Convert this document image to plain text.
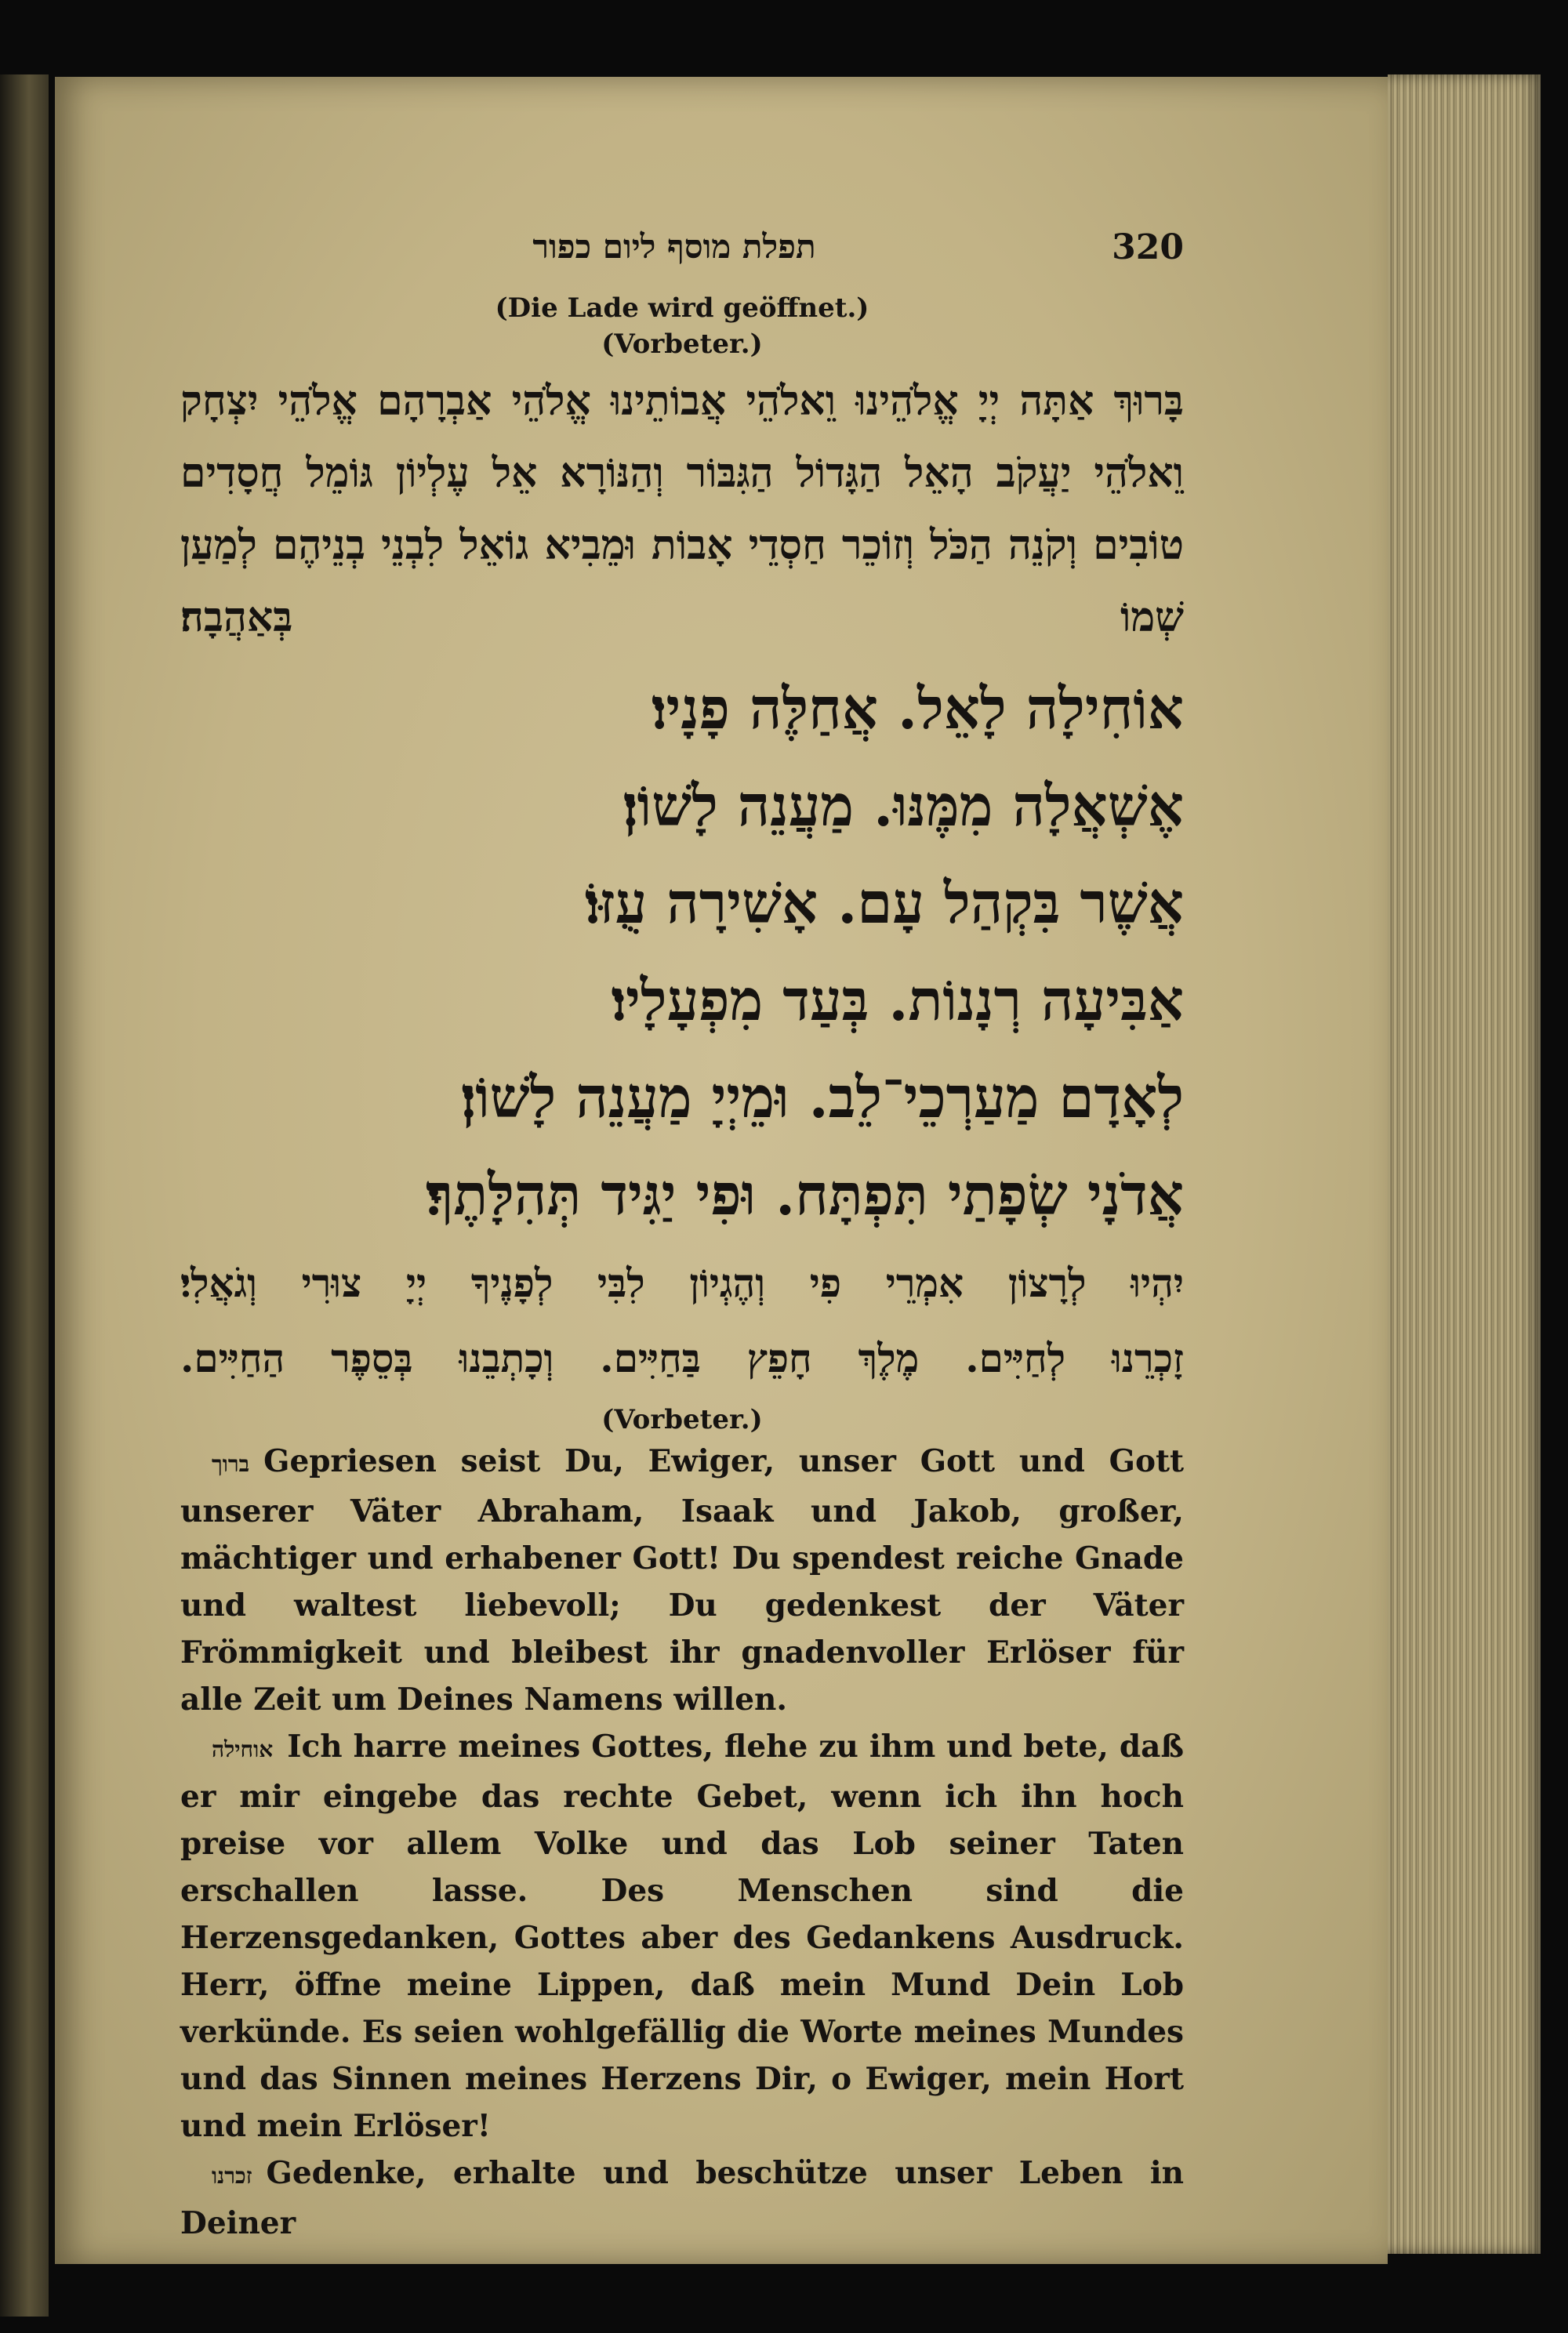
תפלת מוסף ליום כפור	320
(Die Lade wird geöffnet.)
(Vorbeter.)
בָּרוּךְ אַתָּה יְיָ אֱלֹהֵינוּ וֵאלֹהֵי אֲבוֹתֵינוּ אֱלֹהֵי אַבְרָהָם אֱלֹהֵי יִצְחָק וֵאלֹהֵי יַעֲקֹב הָאֵל הַגָּדוֹל הַגִּבּוֹר וְהַנּוֹרָא אֵל עֶלְיוֹן גּוֹמֵל חֲסָדִים טוֹבִים וְקֹנֵה הַכֹּל וְזוֹכֵר חַסְדֵי אָבוֹת וּמֵבִיא גוֹאֵל לִבְנֵי בְנֵיהֶם לְמַעַן שְׁמוֹ בְּאַהֲבָה׃
אוֹחִילָה לָאֵל. אֲחַלֶּה פָנָיו׃
אֶשְׁאֲלָה מִמֶּנּוּ. מַעֲנֵה לָשׁוֹן׃
אֲשֶׁר בִּקְהַל עָם. אָשִׁירָה עֻזּוֹ׃
אַבִּיעָה רְנָנוֹת. בְּעַד מִפְעָלָיו׃
לְאָדָם מַעַרְכֵי־לֵב. וּמֵיְיָ מַעֲנֵה לָשׁוֹן׃
אֲדֹנָי שְׂפָתַי תִּפְתָּח. וּפִי יַגִּיד תְּהִלָּתֶךָ׃
יִהְיוּ לְרָצוֹן אִמְרֵי פִי וְהֶגְיוֹן לִבִּי לְפָנֶיךָ יְיָ צוּרִי וְגֹאֲלִי׃
זָכְרֵנוּ לְחַיִּים. מֶלֶךְ חָפֵץ בַּחַיִּים. וְכָתְבֵנוּ בְּסֵפֶר הַחַיִּים.
(Vorbeter.)

ברוך Gepriesen seist Du, Ewiger, unser Gott und Gott unserer Väter Abraham, Isaak und Jakob, großer, mächtiger und erhabener Gott! Du spendest reiche Gnade und waltest liebevoll; Du gedenkest der Väter Frömmigkeit und bleibest ihr gnadenvoller Erlöser für alle Zeit um Deines Namens willen.

אוחילה Ich harre meines Gottes, flehe zu ihm und bete, daß er mir eingebe das rechte Gebet, wenn ich ihn hoch preise vor allem Volke und das Lob seiner Taten erschallen lasse. Des Menschen sind die Herzensgedanken, Gottes aber des Gedankens Ausdruck. Herr, öffne meine Lippen, daß mein Mund Dein Lob verkünde. Es seien wohlgefällig die Worte meines Mundes und das Sinnen meines Herzens Dir, o Ewiger, mein Hort und mein Erlöser!

זכרנו Gedenke, erhalte und beschütze unser Leben in Deiner
